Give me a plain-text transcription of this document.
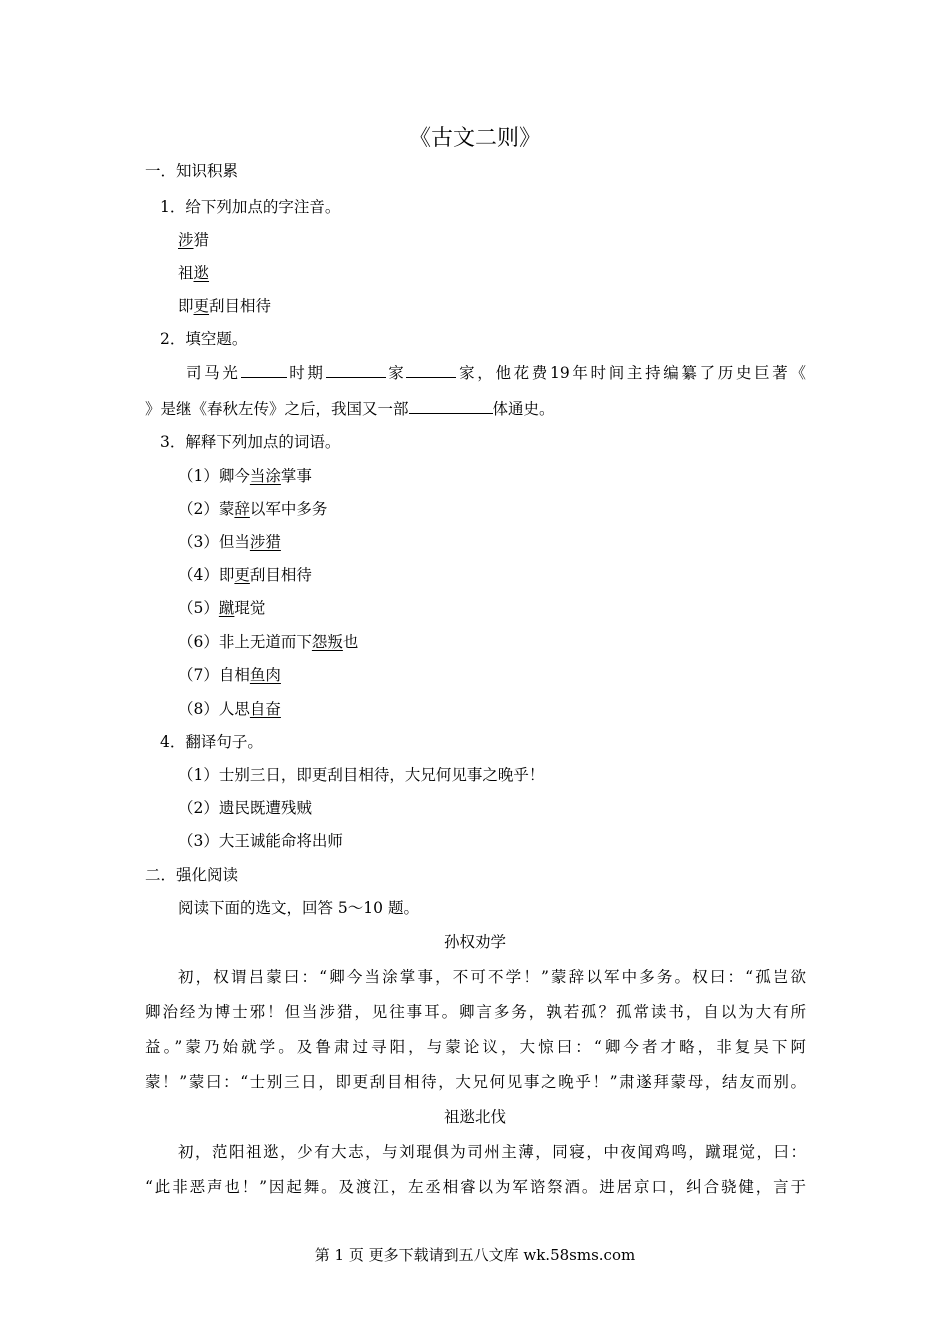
《古文二则》
一．知识积累
1．给下列加点的字注音。
涉猎
祖逖
即更刮目相待
2．填空题。
司马光	时期	家	家，他花费19年时间主持编纂了历史巨著《
》是继《春秋左传》之后，我国又一部	体通史。
3．解释下列加点的词语。
（1）卿今当涂掌事
（2）蒙辞以军中多务
（3）但当涉猎
（4）即更刮目相待
（5）蹴琨觉
（6）非上无道而下怨叛也
（7）自相鱼肉
（8）人思自奋
4．翻译句子。
（1）士别三日，即更刮目相待，大兄何见事之晚乎！
（2）遗民既遭残贼
（3）大王诚能命将出师
二．强化阅读
阅读下面的选文，回答 5～10 题。
孙权劝学
初，权谓吕蒙曰：“卿今当涂掌事，不可不学！”蒙辞以军中多务。权曰：“孤岂欲
卿治经为博士邪！但当涉猎，见往事耳。卿言多务，孰若孤？孤常读书，自以为大有所
益。”蒙乃始就学。及鲁肃过寻阳，与蒙论议，大惊曰：“卿今者才略，非复吴下阿
蒙！”蒙曰：“士别三日，即更刮目相待，大兄何见事之晚乎！”肃遂拜蒙母，结友而别。
祖逖北伐
初，范阳祖逖，少有大志，与刘琨俱为司州主薄，同寝，中夜闻鸡鸣，蹴琨觉，曰：
“此非恶声也！”因起舞。及渡江，左丞相睿以为军谘祭酒。进居京口，纠合骁健，言于
第 1 页 更多下载请到五八文库 wk.58sms.com
